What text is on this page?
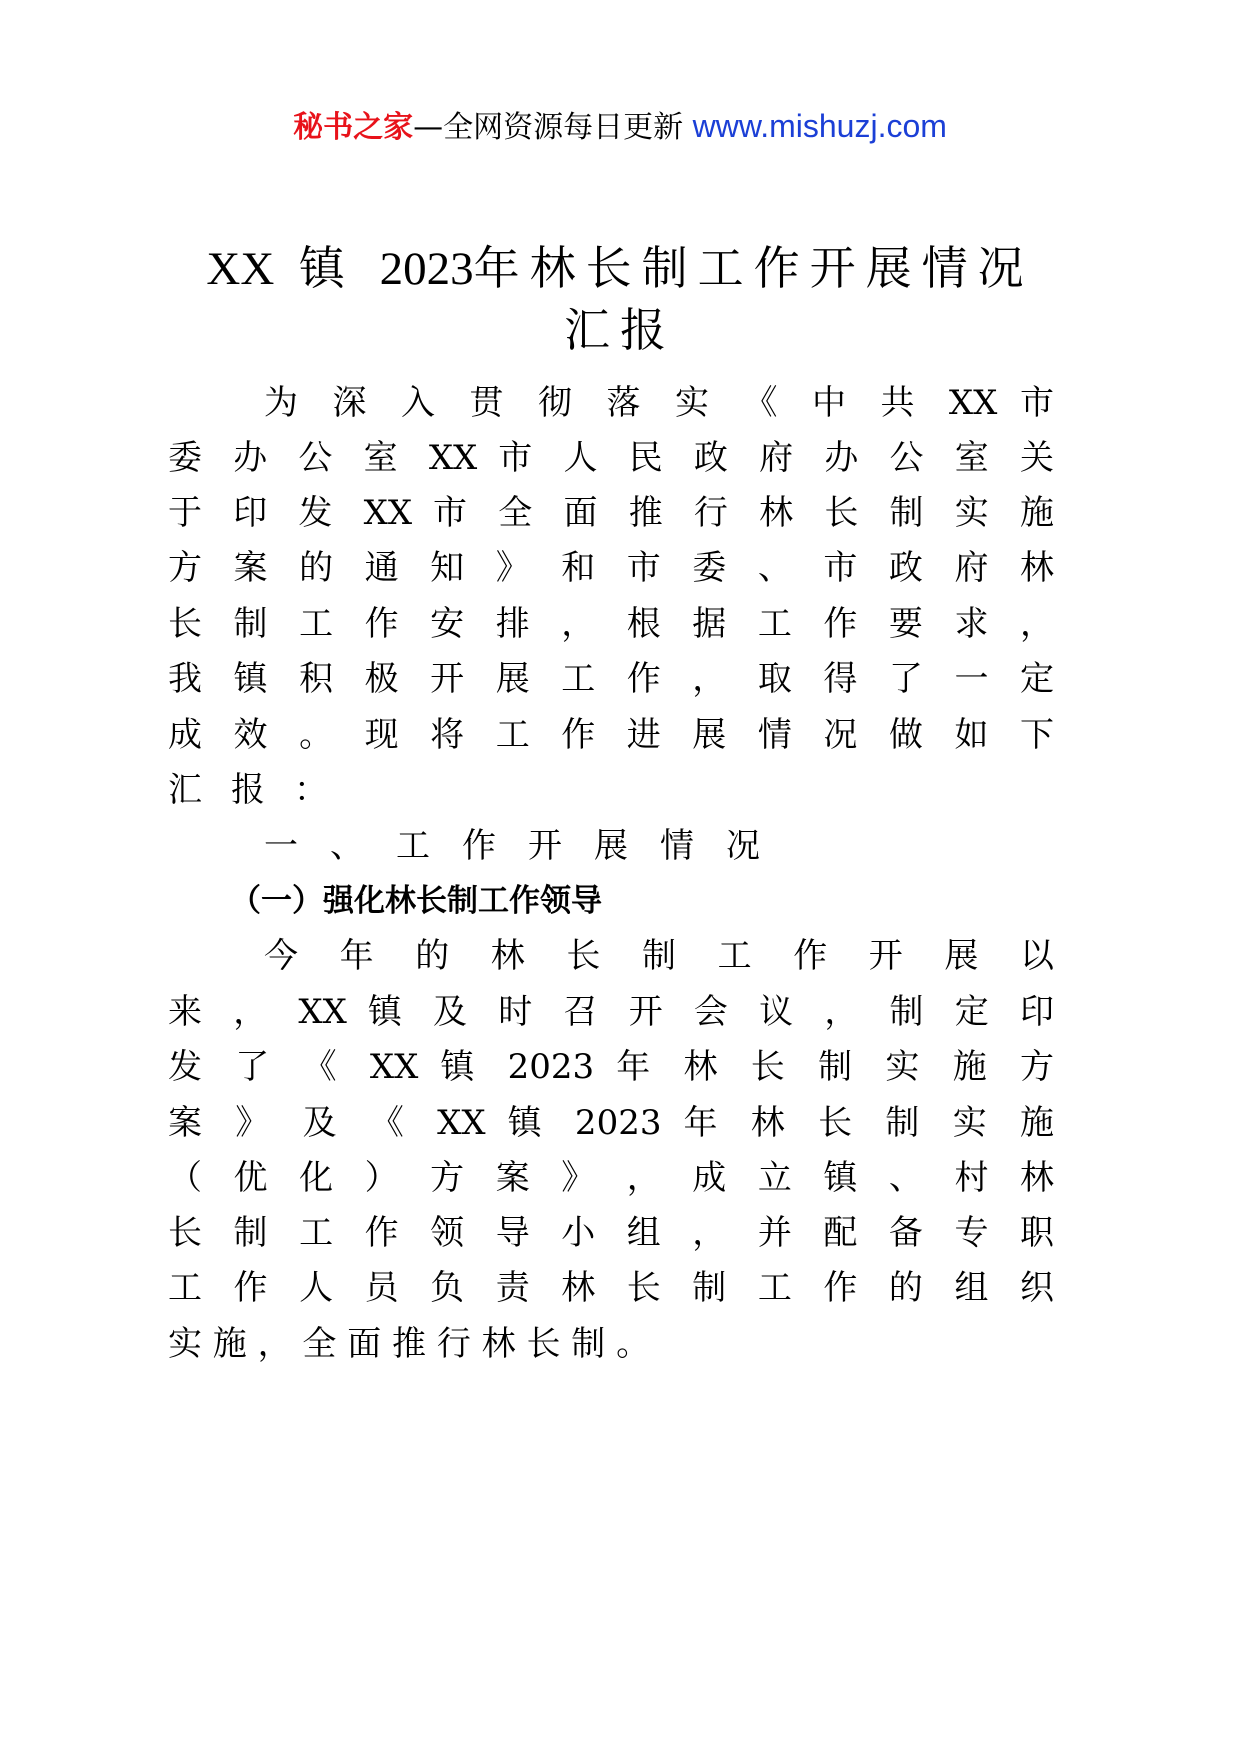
秘书之家—全网资源每日更新 www.mishuzj.com
XX 镇 2023年林长制工作开展情况
汇报
为 深 入 贯 彻 落 实 《 中 共 XX 市
委 办 公 室 XX 市 人 民 政 府 办 公 室 关
于 印 发 XX 市 全 面 推 行 林 长 制 实 施
方 案 的 通 知 》 和 市 委 、 市 政 府 林
长 制 工 作 安 排 ， 根 据 工 作 要 求 ，
我 镇 积 极 开 展 工 作 ， 取 得 了 一 定
成 效 。 现 将 工 作 进 展 情 况 做 如 下
汇报：
一、工作开展情况
（一）强化林长制工作领导
今 年 的 林 长 制 工 作 开 展 以
来 ， XX 镇 及 时 召 开 会 议 ， 制 定 印
发 了 《 XX 镇 2023 年 林 长 制 实 施 方
案 》 及 《 XX 镇 2023 年 林 长 制 实 施
（ 优 化 ） 方 案 》 ， 成 立 镇 、 村 林
长 制 工 作 领 导 小 组 ， 并 配 备 专 职
工 作 人 员 负 责 林 长 制 工 作 的 组 织
实 施 ， 全 面 推 行 林 长 制 。
